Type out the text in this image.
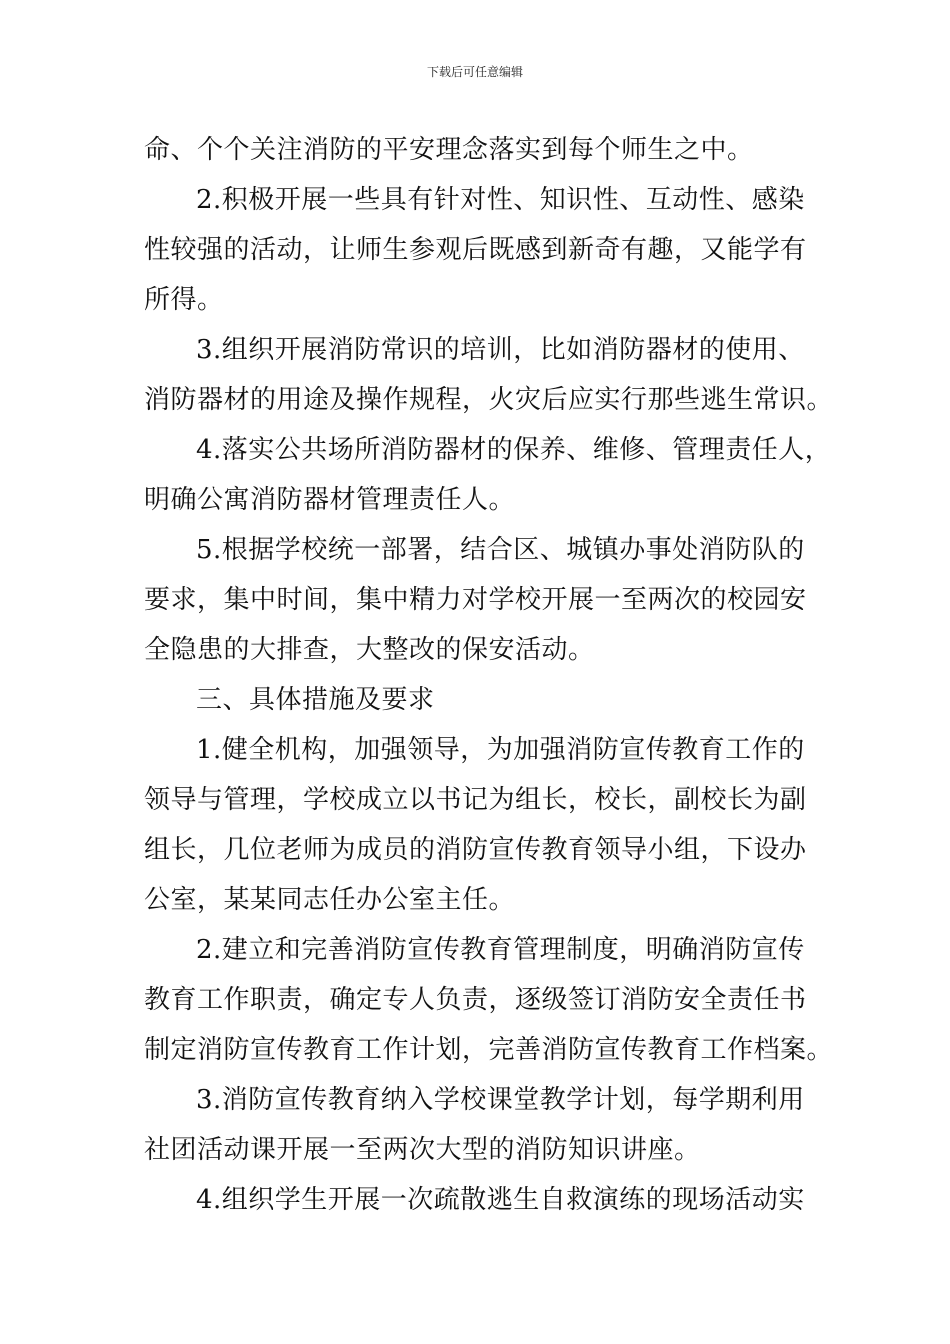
下载后可任意编辑
命、个个关注消防的平安理念落实到每个师生之中。
2.积极开展一些具有针对性、知识性、互动性、感染
性较强的活动，让师生参观后既感到新奇有趣，又能学有
所得。
3.组织开展消防常识的培训，比如消防器材的使用、
消防器材的用途及操作规程，火灾后应实行那些逃生常识。
4.落实公共场所消防器材的保养、维修、管理责任人，
明确公寓消防器材管理责任人。
5.根据学校统一部署，结合区、城镇办事处消防队的
要求，集中时间，集中精力对学校开展一至两次的校园安
全隐患的大排查，大整改的保安活动。
三、具体措施及要求
1.健全机构，加强领导，为加强消防宣传教育工作的
领导与管理，学校成立以书记为组长，校长，副校长为副
组长，几位老师为成员的消防宣传教育领导小组，下设办
公室，某某同志任办公室主任。
2.建立和完善消防宣传教育管理制度，明确消防宣传
教育工作职责，确定专人负责，逐级签订消防安全责任书
制定消防宣传教育工作计划，完善消防宣传教育工作档案。
3.消防宣传教育纳入学校课堂教学计划，每学期利用
社团活动课开展一至两次大型的消防知识讲座。
4.组织学生开展一次疏散逃生自救演练的现场活动实
